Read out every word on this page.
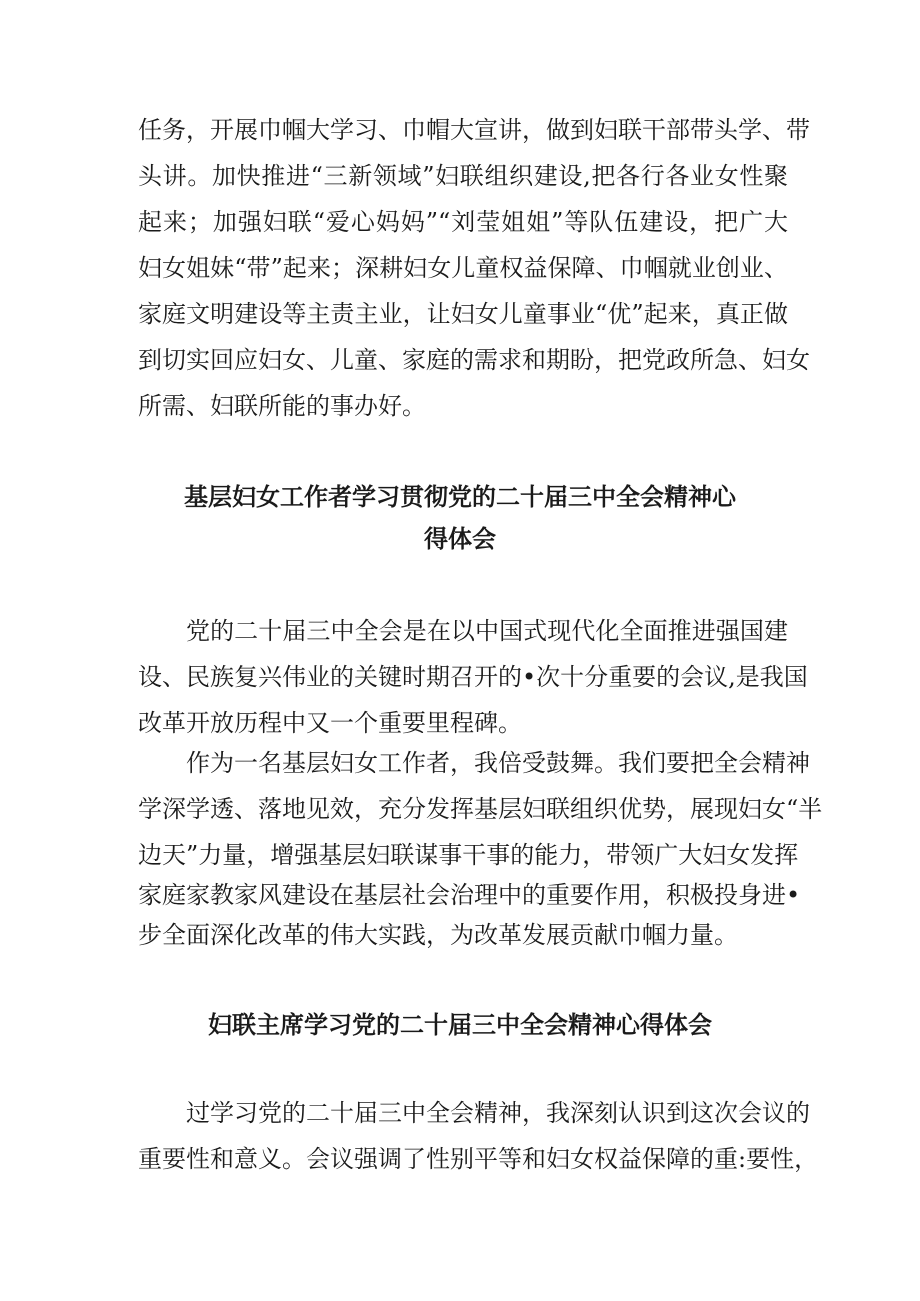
任务，开展巾帼大学习、巾帽大宣讲，做到妇联干部带头学、带
头讲。加快推进“三新领域”妇联组织建设,把各行各业女性聚
起来；加强妇联“爱心妈妈”“刘莹姐姐”等队伍建设，把广大
妇女姐妹“带”起来；深耕妇女儿童权益保障、巾帼就业创业、
家庭文明建设等主责主业，让妇女儿童事业“优”起来，真正做
到切实回应妇女、儿童、家庭的需求和期盼，把党政所急、妇女
所需、妇联所能的事办好。
基层妇女工作者学习贯彻党的二十届三中全会精神心
得体会
党的二十届三中全会是在以中国式现代化全面推进强国建
设、民族复兴伟业的关键时期召开的•次十分重要的会议,是我国
改革开放历程中又一个重要里程碑。
作为一名基层妇女工作者，我倍受鼓舞。我们要把全会精神
学深学透、落地见效，充分发挥基层妇联组织优势，展现妇女“半
边天”力量，增强基层妇联谋事干事的能力，带领广大妇女发挥
家庭家教家风建设在基层社会治理中的重要作用，积极投身进•
步全面深化改革的伟大实践，为改革发展贡献巾帼力量。
妇联主席学习党的二十届三中全会精神心得体会
过学习党的二十届三中全会精神，我深刻认识到这次会议的
重要性和意义。会议强调了性别平等和妇女权益保障的重:要性，
